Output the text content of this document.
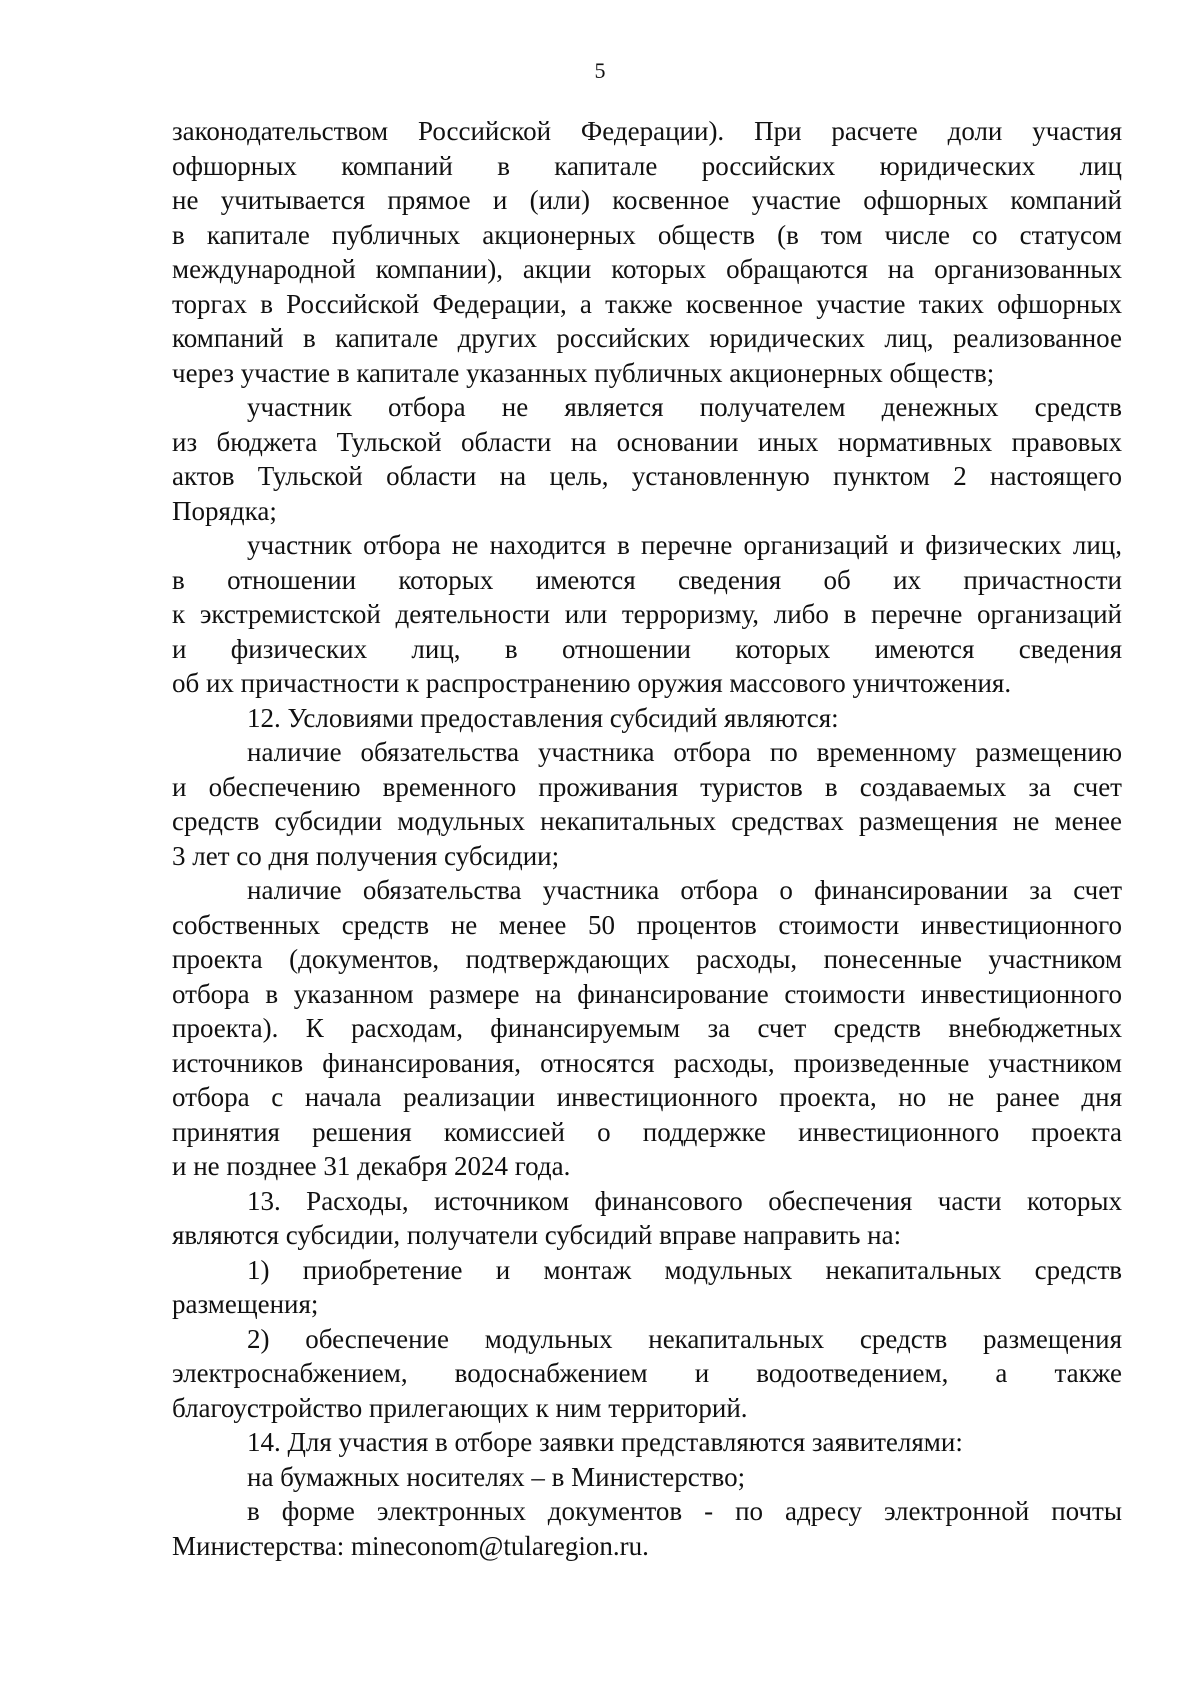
5
законодательством Российской Федерации). При расчете доли участия
офшорных компаний в капитале российских юридических лиц
не учитывается прямое и (или) косвенное участие офшорных компаний
в капитале публичных акционерных обществ (в том числе со статусом
международной компании), акции которых обращаются на организованных
торгах в Российской Федерации, а также косвенное участие таких офшорных
компаний в капитале других российских юридических лиц, реализованное
через участие в капитале указанных публичных акционерных обществ;
участник отбора не является получателем денежных средств
из бюджета Тульской области на основании иных нормативных правовых
актов Тульской области на цель, установленную пунктом 2 настоящего
Порядка;
участник отбора не находится в перечне организаций и физических лиц,
в отношении которых имеются сведения об их причастности
к экстремистской деятельности или терроризму, либо в перечне организаций
и физических лиц, в отношении которых имеются сведения
об их причастности к распространению оружия массового уничтожения.
12. Условиями предоставления субсидий являются:
наличие обязательства участника отбора по временному размещению
и обеспечению временного проживания туристов в создаваемых за счет
средств субсидии модульных некапитальных средствах размещения не менее
3 лет со дня получения субсидии;
наличие обязательства участника отбора о финансировании за счет
собственных средств не менее 50 процентов стоимости инвестиционного
проекта (документов, подтверждающих расходы, понесенные участником
отбора в указанном размере на финансирование стоимости инвестиционного
проекта). К расходам, финансируемым за счет средств внебюджетных
источников финансирования, относятся расходы, произведенные участником
отбора с начала реализации инвестиционного проекта, но не ранее дня
принятия решения комиссией о поддержке инвестиционного проекта
и не позднее 31 декабря 2024 года.
13. Расходы, источником финансового обеспечения части которых
являются субсидии, получатели субсидий вправе направить на:
1) приобретение и монтаж модульных некапитальных средств
размещения;
2) обеспечение модульных некапитальных средств размещения
электроснабжением, водоснабжением и водоотведением, а также
благоустройство прилегающих к ним территорий.
14. Для участия в отборе заявки представляются заявителями:
на бумажных носителях – в Министерство;
в форме электронных документов - по адресу электронной почты
Министерства: mineconom@tularegion.ru.
